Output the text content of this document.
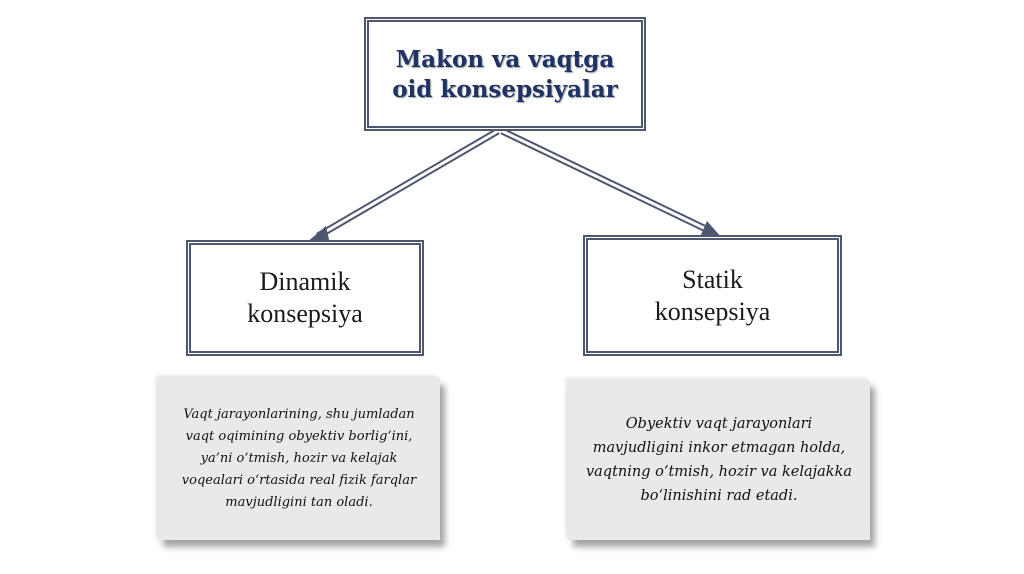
Makon va vaqtga
oid konsepsiyalar
Dinamik
konsepsiya
Statik
konsepsiya
Vaqt jarayonlarining, shu jumladan
vaqt oqimining obyektiv borlig‘ini,
ya’ni o‘tmish, hozir va kelajak
voqealari o‘rtasida real fizik farqlar
mavjudligini tan oladi.
Obyektiv vaqt jarayonlari
mavjudligini inkor etmagan holda,
vaqtning o‘tmish, hozir va kelajakka
bo‘linishini rad etadi.
